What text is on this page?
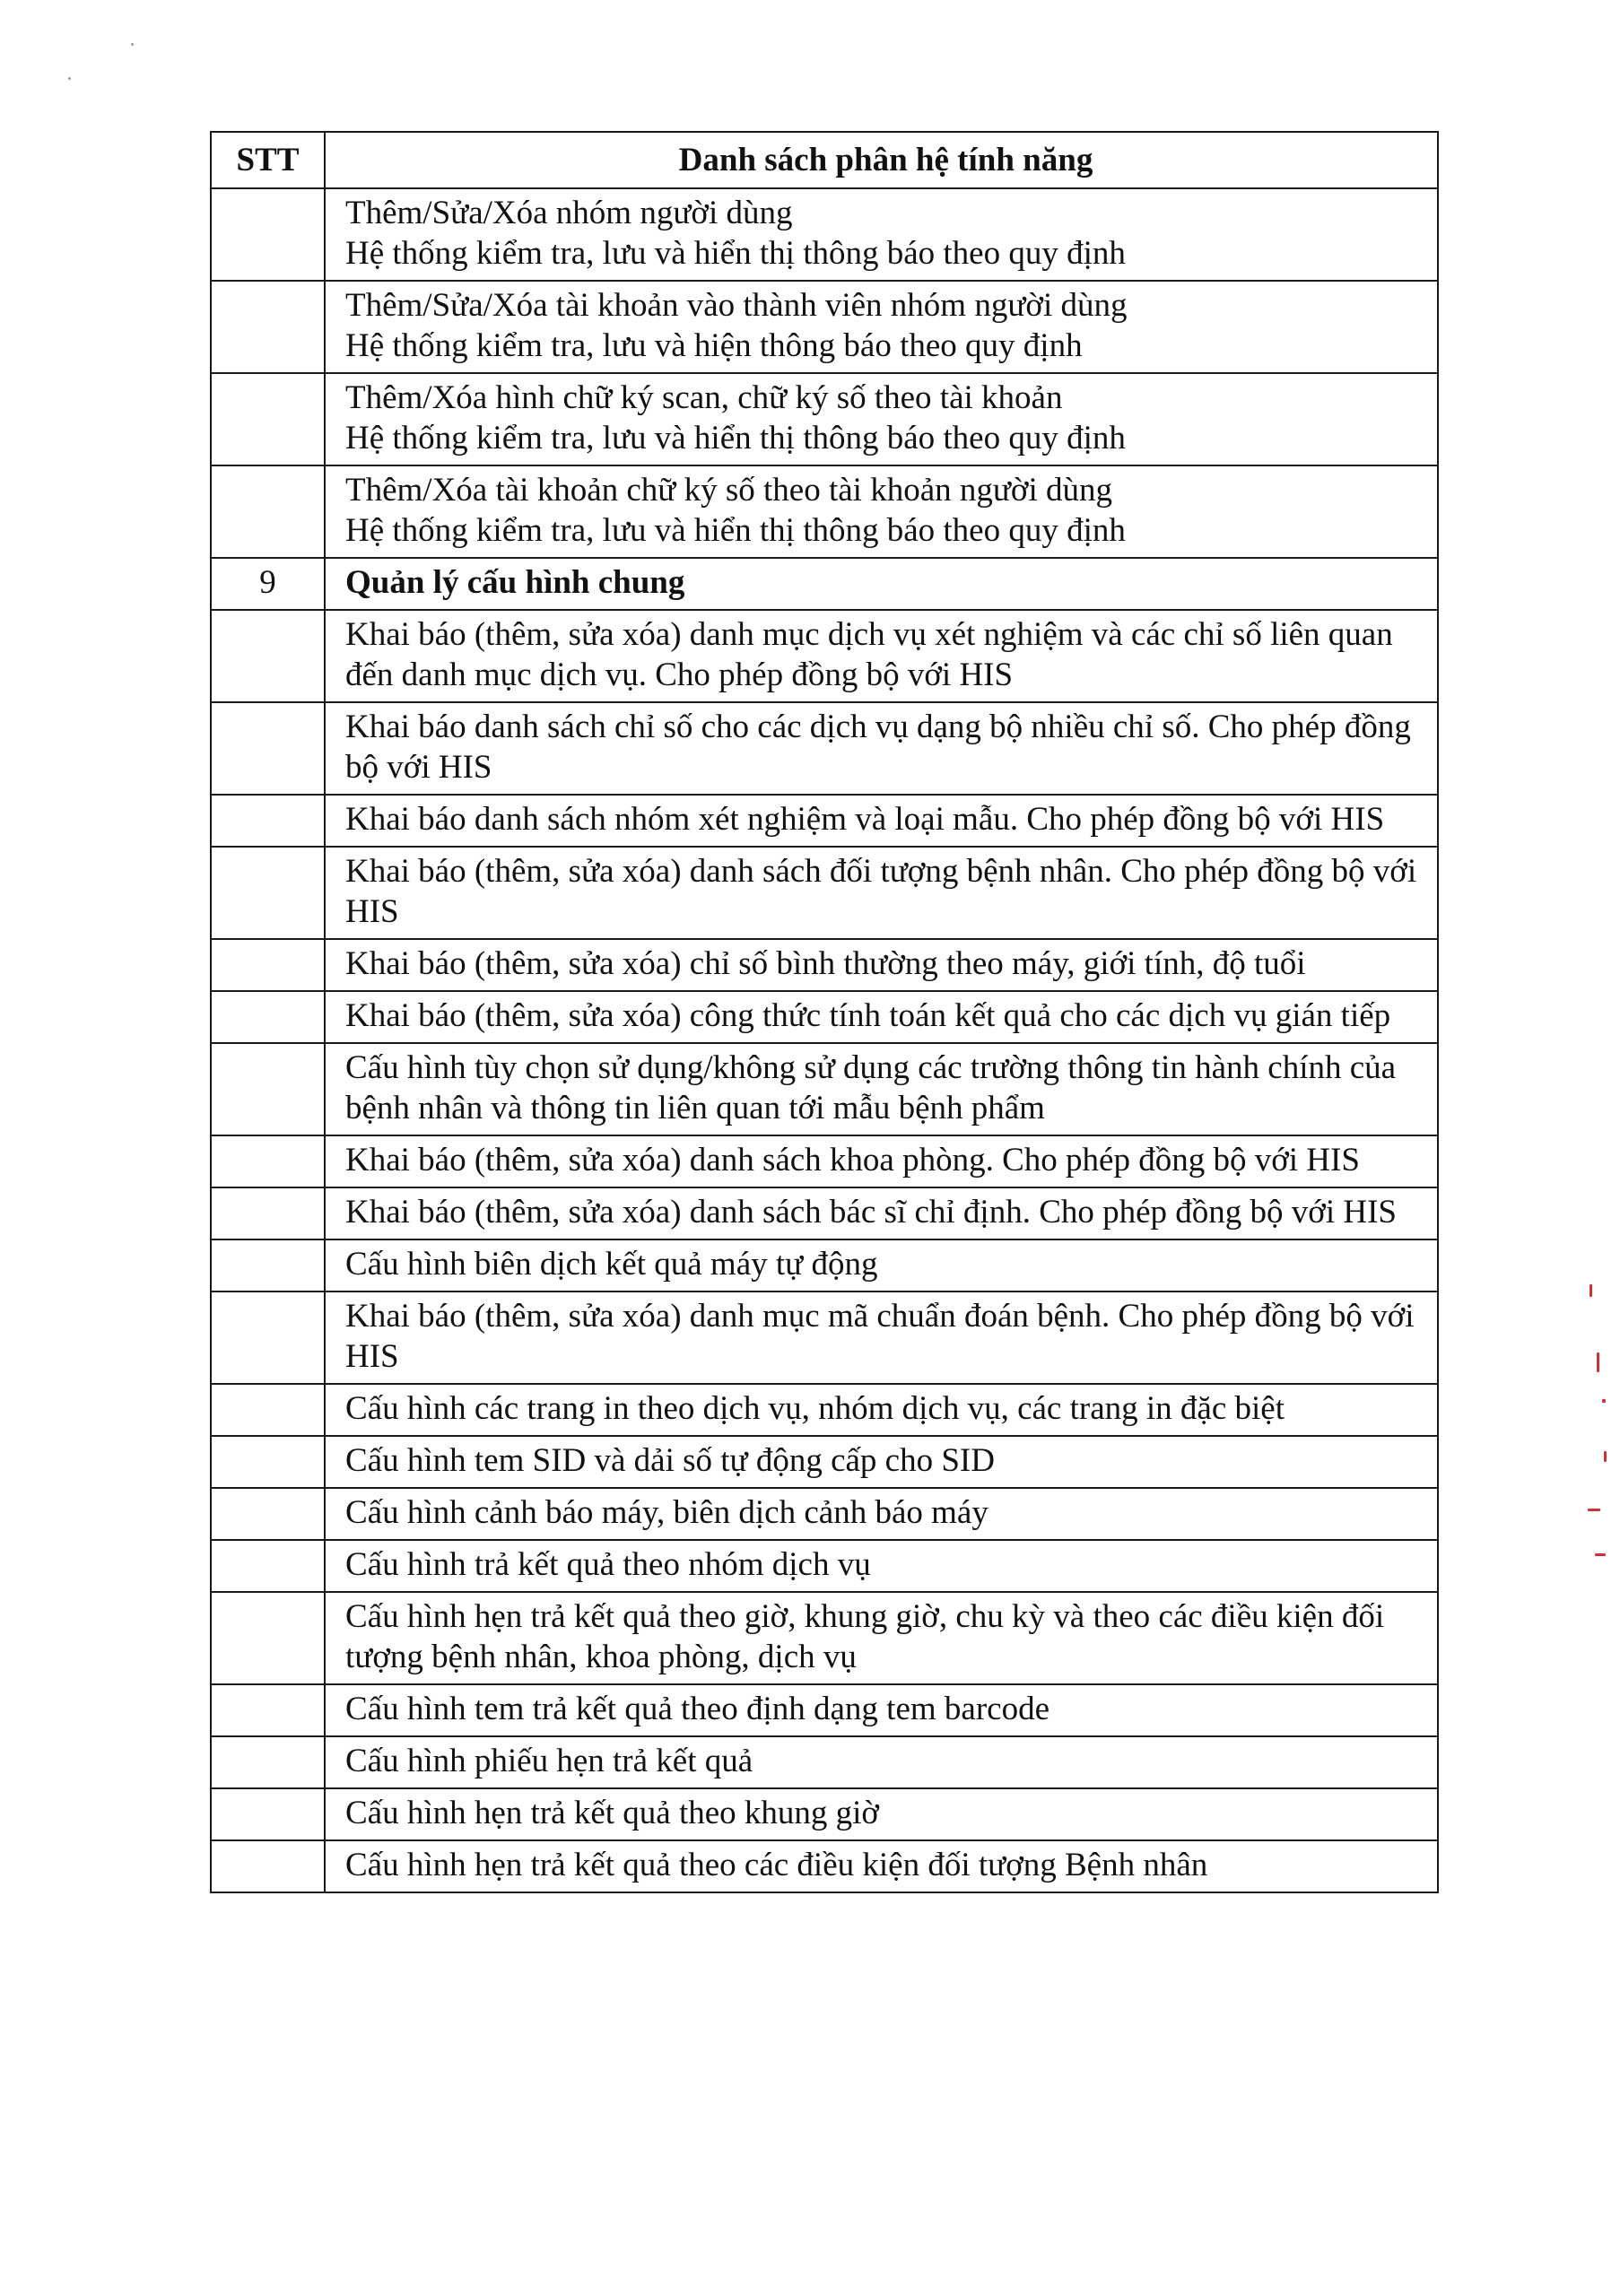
STT	Danh sách phân hệ tính năng

	Thêm/Sửa/Xóa nhóm người dùng
Hệ thống kiểm tra, lưu và hiển thị thông báo theo quy định

	Thêm/Sửa/Xóa tài khoản vào thành viên nhóm người dùng
Hệ thống kiểm tra, lưu và hiện thông báo theo quy định

	Thêm/Xóa hình chữ ký scan, chữ ký số theo tài khoản
Hệ thống kiểm tra, lưu và hiển thị thông báo theo quy định

	Thêm/Xóa tài khoản chữ ký số theo tài khoản người dùng
Hệ thống kiểm tra, lưu và hiển thị thông báo theo quy định

9	Quản lý cấu hình chung

	Khai báo (thêm, sửa xóa) danh mục dịch vụ xét nghiệm và các chỉ số liên quan đến danh mục dịch vụ. Cho phép đồng bộ với HIS

	Khai báo danh sách chỉ số cho các dịch vụ dạng bộ nhiều chỉ số. Cho phép đồng bộ với HIS

	Khai báo danh sách nhóm xét nghiệm và loại mẫu. Cho phép đồng bộ với HIS

	Khai báo (thêm, sửa xóa) danh sách đối tượng bệnh nhân. Cho phép đồng bộ với HIS

	Khai báo (thêm, sửa xóa) chỉ số bình thường theo máy, giới tính, độ tuổi

	Khai báo (thêm, sửa xóa) công thức tính toán kết quả cho các dịch vụ gián tiếp

	Cấu hình tùy chọn sử dụng/không sử dụng các trường thông tin hành chính của bệnh nhân và thông tin liên quan tới mẫu bệnh phẩm

	Khai báo (thêm, sửa xóa) danh sách khoa phòng. Cho phép đồng bộ với HIS

	Khai báo (thêm, sửa xóa) danh sách bác sĩ chỉ định. Cho phép đồng bộ với HIS

	Cấu hình biên dịch kết quả máy tự động

	Khai báo (thêm, sửa xóa) danh mục mã chuẩn đoán bệnh. Cho phép đồng bộ với HIS

	Cấu hình các trang in theo dịch vụ, nhóm dịch vụ, các trang in đặc biệt

	Cấu hình tem SID và dải số tự động cấp cho SID

	Cấu hình cảnh báo máy, biên dịch cảnh báo máy

	Cấu hình trả kết quả theo nhóm dịch vụ

	Cấu hình hẹn trả kết quả theo giờ, khung giờ, chu kỳ và theo các điều kiện đối tượng bệnh nhân, khoa phòng, dịch vụ

	Cấu hình tem trả kết quả theo định dạng tem barcode

	Cấu hình phiếu hẹn trả kết quả

	Cấu hình hẹn trả kết quả theo khung giờ

	Cấu hình hẹn trả kết quả theo các điều kiện đối tượng Bệnh nhân
